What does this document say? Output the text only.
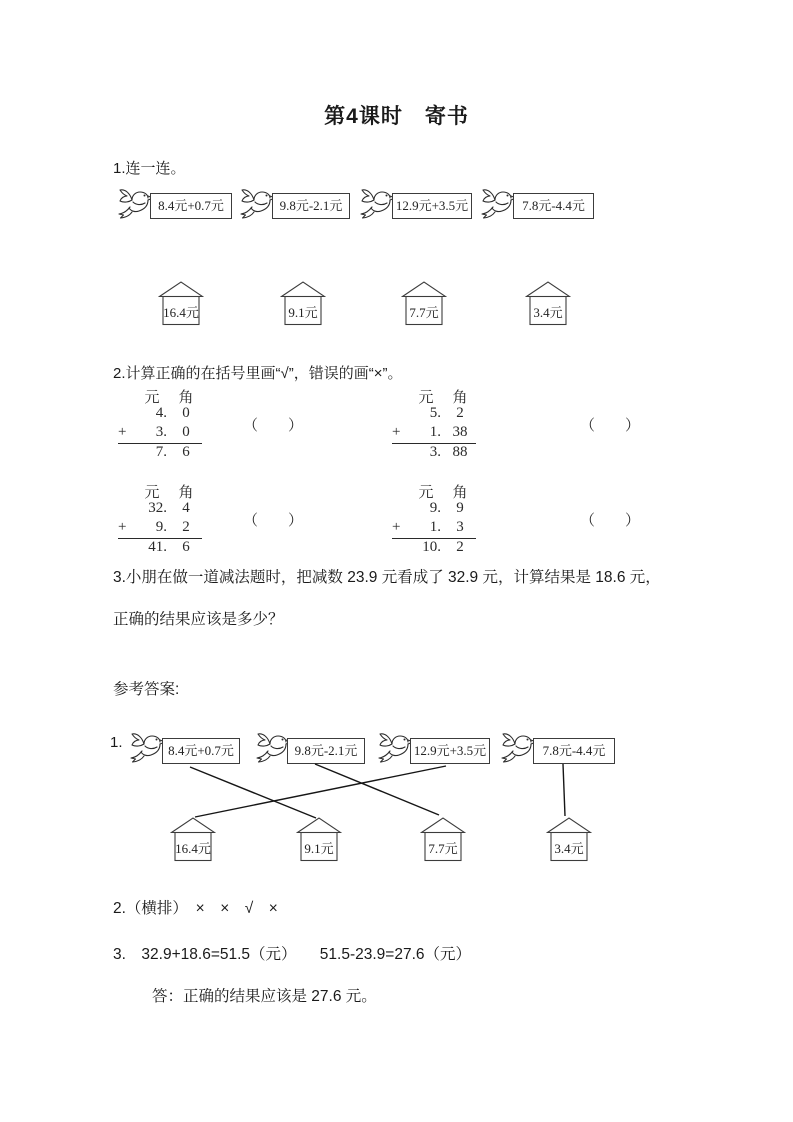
第4课时　寄书
1.连一连。
8.4元+0.7元	9.8元-2.1元	12.9元+3.5元	7.8元-4.4元
16.4元	9.1元	7.7元	3.4元
2.计算正确的在括号里画“√”，错误的画“×”。
元	角
4.	0
+	3.	0
7.	6
（　　）
元	角
5.	2
+	1. 38
3. 88
（　　）
元	角
32.	4
+	9.	2
41.	6
（　　）
元	角
9.	9
+	1.	3
10.	2
（　　）
3.小朋在做一道减法题时，把减数 23.9 元看成了 32.9 元，计算结果是 18.6 元，
正确的结果应该是多少？
参考答案:
1.	8.4元+0.7元	9.8元-2.1元	12.9元+3.5元	7.8元-4.4元
16.4元	9.1元	7.7元	3.4元
2.（横排）　×　×　√　×
3.　32.9+18.6=51.5（元）　　51.5-23.9=27.6（元）
答：正确的结果应该是 27.6 元。
